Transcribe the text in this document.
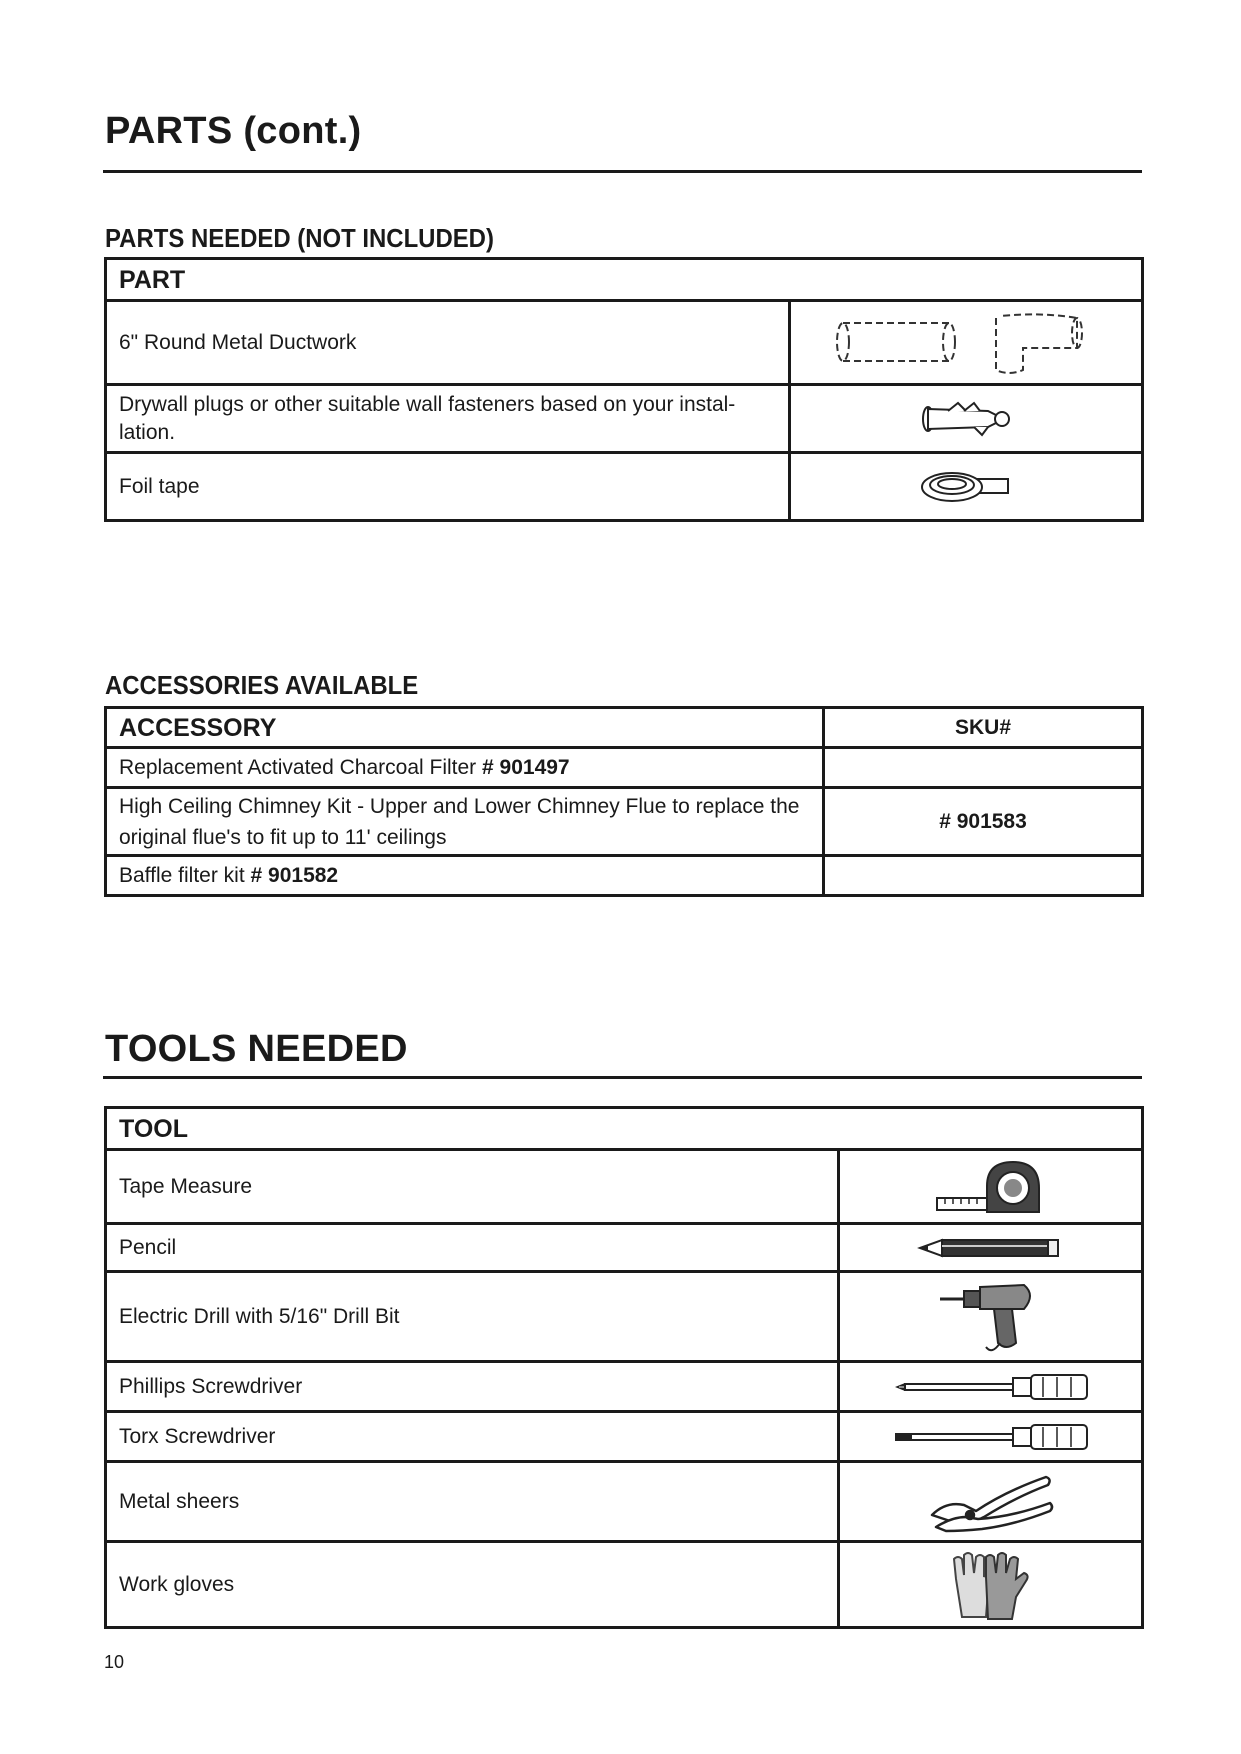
PARTS (cont.)
PARTS NEEDED (NOT INCLUDED)
PART	
6" Round Metal Ductwork	
Drywall plugs or other suitable wall fasteners based on your instal- lation.	
Foil tape	
ACCESSORIES AVAILABLE
ACCESSORY	SKU#
Replacement Activated Charcoal Filter # 901497	
High Ceiling Chimney Kit - Upper and Lower Chimney Flue to replace the original flue's to fit up to 11' ceilings	# 901583
Baffle filter kit # 901582	
TOOLS NEEDED
TOOL	
Tape Measure	
Pencil	
Electric Drill with 5/16" Drill Bit	
Phillips Screwdriver	
Torx Screwdriver	
Metal sheers	
Work gloves	
10
